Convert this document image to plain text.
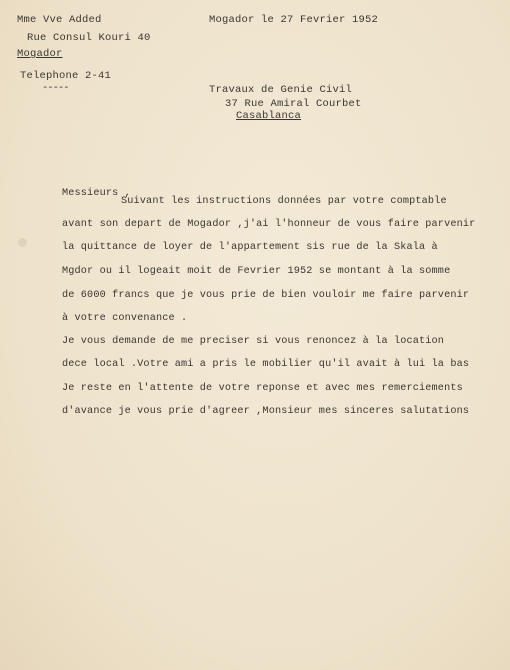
Mme Vve Added
Rue Consul Kouri 40
Mogador
Telephone 2-41
-----
Mogador le 27 Fevrier 1952
Travaux de Genie Civil
37 Rue Amiral Courbet
Casablanca
Messieurs ,
Suivant les instructions données par votre comptable
avant son depart de Mogador ,j'ai l'honneur de vous faire parvenir
la quittance de loyer de l'appartement sis rue de la Skala à
Mgdor ou il logeait moit de Fevrier 1952 se montant à la somme
de 6000 francs que je vous prie de bien vouloir me faire parvenir
à votre convenance .
Je vous demande de me preciser si vous renoncez à la location
dece local .Votre ami a pris le mobilier qu'il avait à lui la bas
Je reste en l'attente de votre reponse et avec mes remerciements
d'avance je vous prie d'agreer ,Monsieur mes sinceres salutations
